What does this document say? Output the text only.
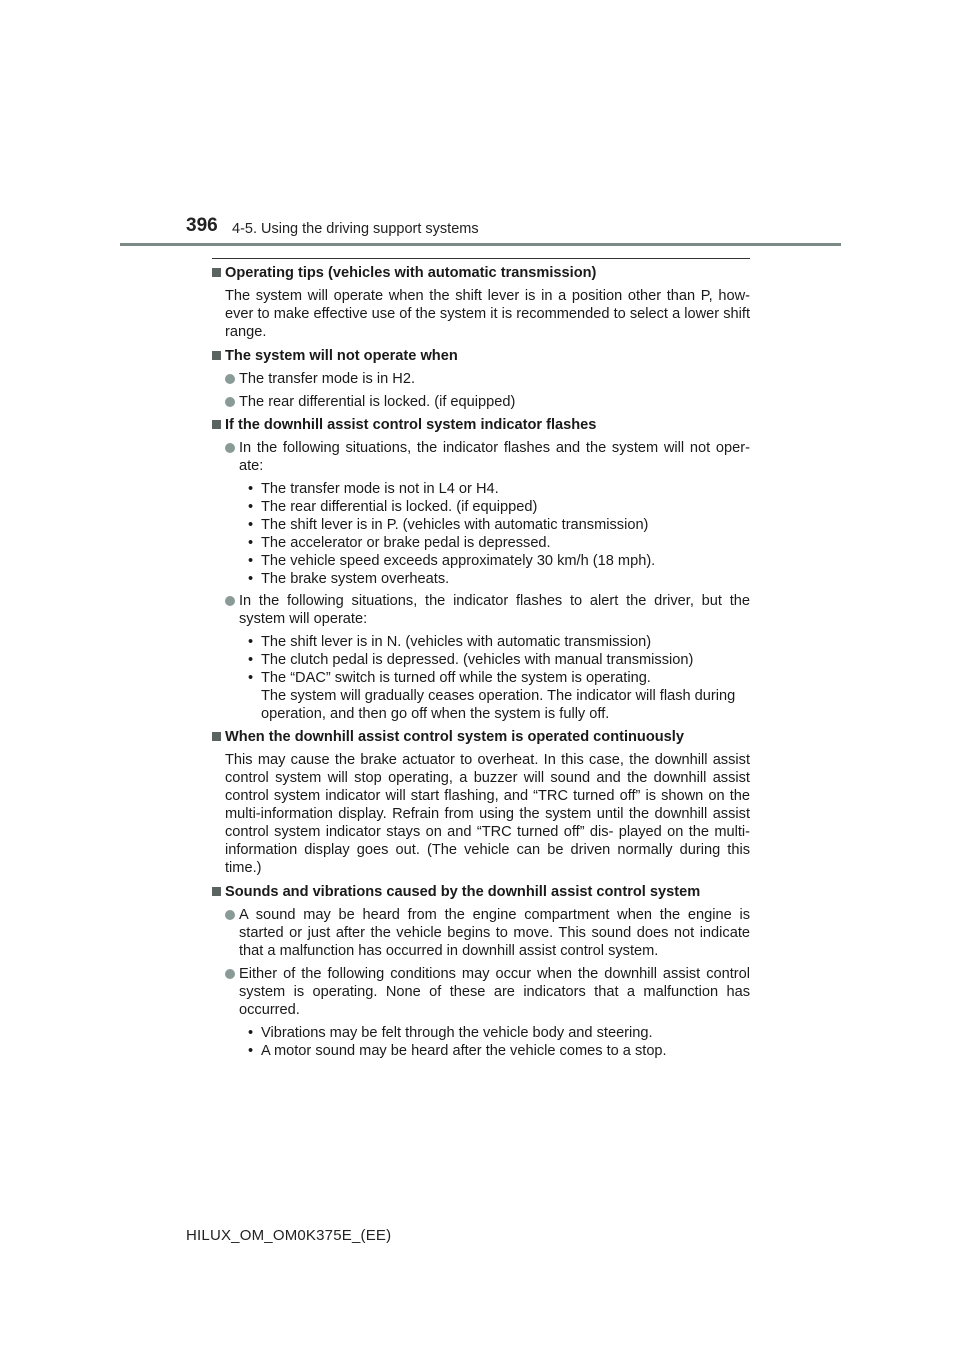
396 4-5. Using the driving support systems
Operating tips (vehicles with automatic transmission)
The system will operate when the shift lever is in a position other than P, how- ever to make effective use of the system it is recommended to select a lower shift range.
The system will not operate when
The transfer mode is in H2.
The rear differential is locked. (if equipped)
If the downhill assist control system indicator flashes
In the following situations, the indicator flashes and the system will not oper- ate:
• The transfer mode is not in L4 or H4.
• The rear differential is locked. (if equipped)
• The shift lever is in P. (vehicles with automatic transmission)
• The accelerator or brake pedal is depressed.
• The vehicle speed exceeds approximately 30 km/h (18 mph).
• The brake system overheats.
In the following situations, the indicator flashes to alert the driver, but the system will operate:
• The shift lever is in N. (vehicles with automatic transmission)
• The clutch pedal is depressed. (vehicles with manual transmission)
• The “DAC” switch is turned off while the system is operating.
The system will gradually ceases operation. The indicator will flash during
operation, and then go off when the system is fully off.
When the downhill assist control system is operated continuously
This may cause the brake actuator to overheat. In this case, the downhill assist control system will stop operating, a buzzer will sound and the downhill assist control system indicator will start flashing, and “TRC turned off” is shown on the multi-information display. Refrain from using the system until the downhill assist control system indicator stays on and “TRC turned off” dis- played on the multi-information display goes out. (The vehicle can be driven normally during this time.)
Sounds and vibrations caused by the downhill assist control system
A sound may be heard from the engine compartment when the engine is started or just after the vehicle begins to move. This sound does not indicate that a malfunction has occurred in downhill assist control system.
Either of the following conditions may occur when the downhill assist control system is operating. None of these are indicators that a malfunction has occurred.
• Vibrations may be felt through the vehicle body and steering.
• A motor sound may be heard after the vehicle comes to a stop.
HILUX_OM_OM0K375E_(EE)
